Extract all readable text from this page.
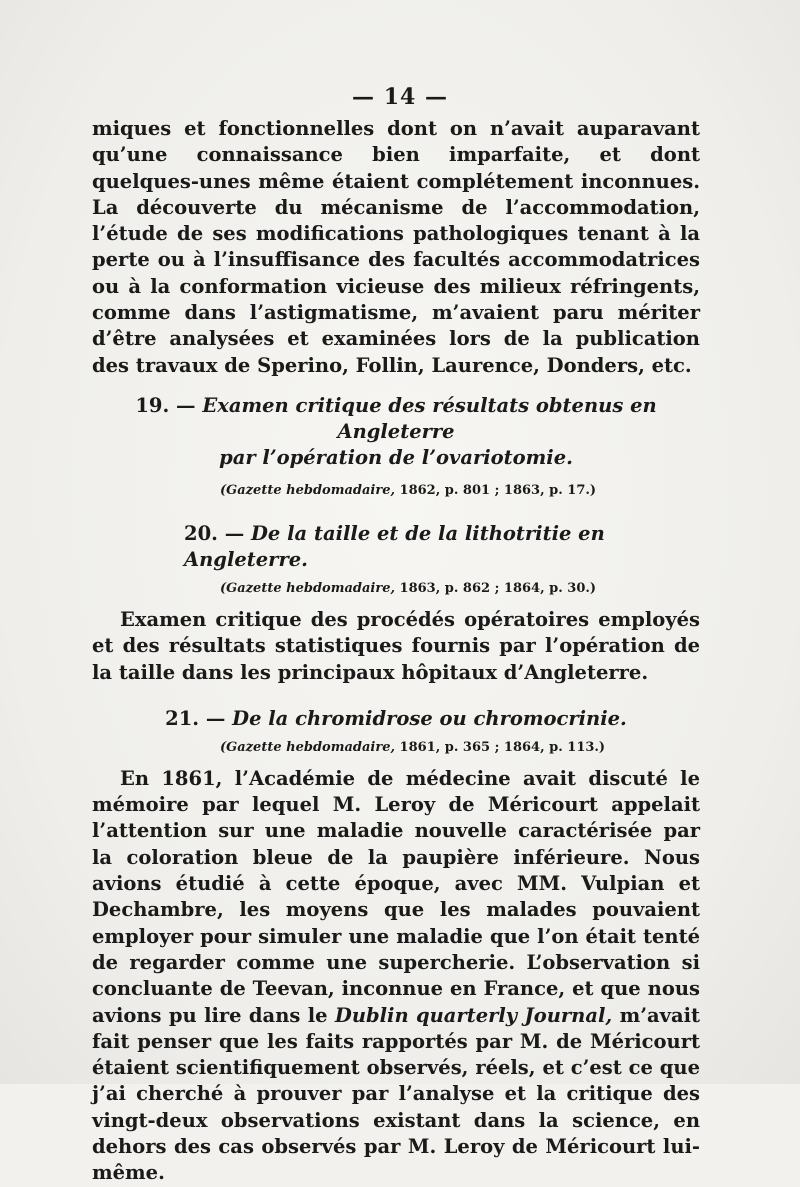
— 14 —

miques et fonctionnelles dont on n’avait auparavant qu’une connaissance bien imparfaite, et dont quelques-unes même étaient complétement inconnues. La découverte du mécanisme de l’accommodation, l’étude de ses modifications pathologiques tenant à la perte ou à l’insuffisance des facultés accommodatrices ou à la conformation vicieuse des milieux réfringents, comme dans l’astigmatisme, m’avaient paru mériter d’être analysées et examinées lors de la publication des travaux de Sperino, Follin, Laurence, Donders, etc.

19. — Examen critique des résultats obtenus en Angleterre

par l’opération de l’ovariotomie.

(Gazette hebdomadaire, 1862, p. 801 ; 1863, p. 17.)

20. — De la taille et de la lithotritie en Angleterre.

(Gazette hebdomadaire, 1863, p. 862 ; 1864, p. 30.)

Examen critique des procédés opératoires employés et des résultats statistiques fournis par l’opération de la taille dans les principaux hôpitaux d’Angleterre.

21. — De la chromidrose ou chromocrinie.

(Gazette hebdomadaire, 1861, p. 365 ; 1864, p. 113.)

En 1861, l’Académie de médecine avait discuté le mémoire par lequel M. Leroy de Méricourt appelait l’attention sur une maladie nouvelle caractérisée par la coloration bleue de la paupière inférieure. Nous avions étudié à cette époque, avec MM. Vulpian et Dechambre, les moyens que les malades pouvaient employer pour simuler une maladie que l’on était tenté de regarder comme une supercherie. L’observation si concluante de Teevan, inconnue en France, et que nous avions pu lire dans le Dublin quarterly Journal, m’avait fait penser que les faits rapportés par M. de Méricourt étaient scientifiquement observés, réels, et c’est ce que j’ai cherché à prouver par l’analyse et la critique des vingt-deux observations existant dans la science, en dehors des cas observés par M. Leroy de Méricourt lui-même.
